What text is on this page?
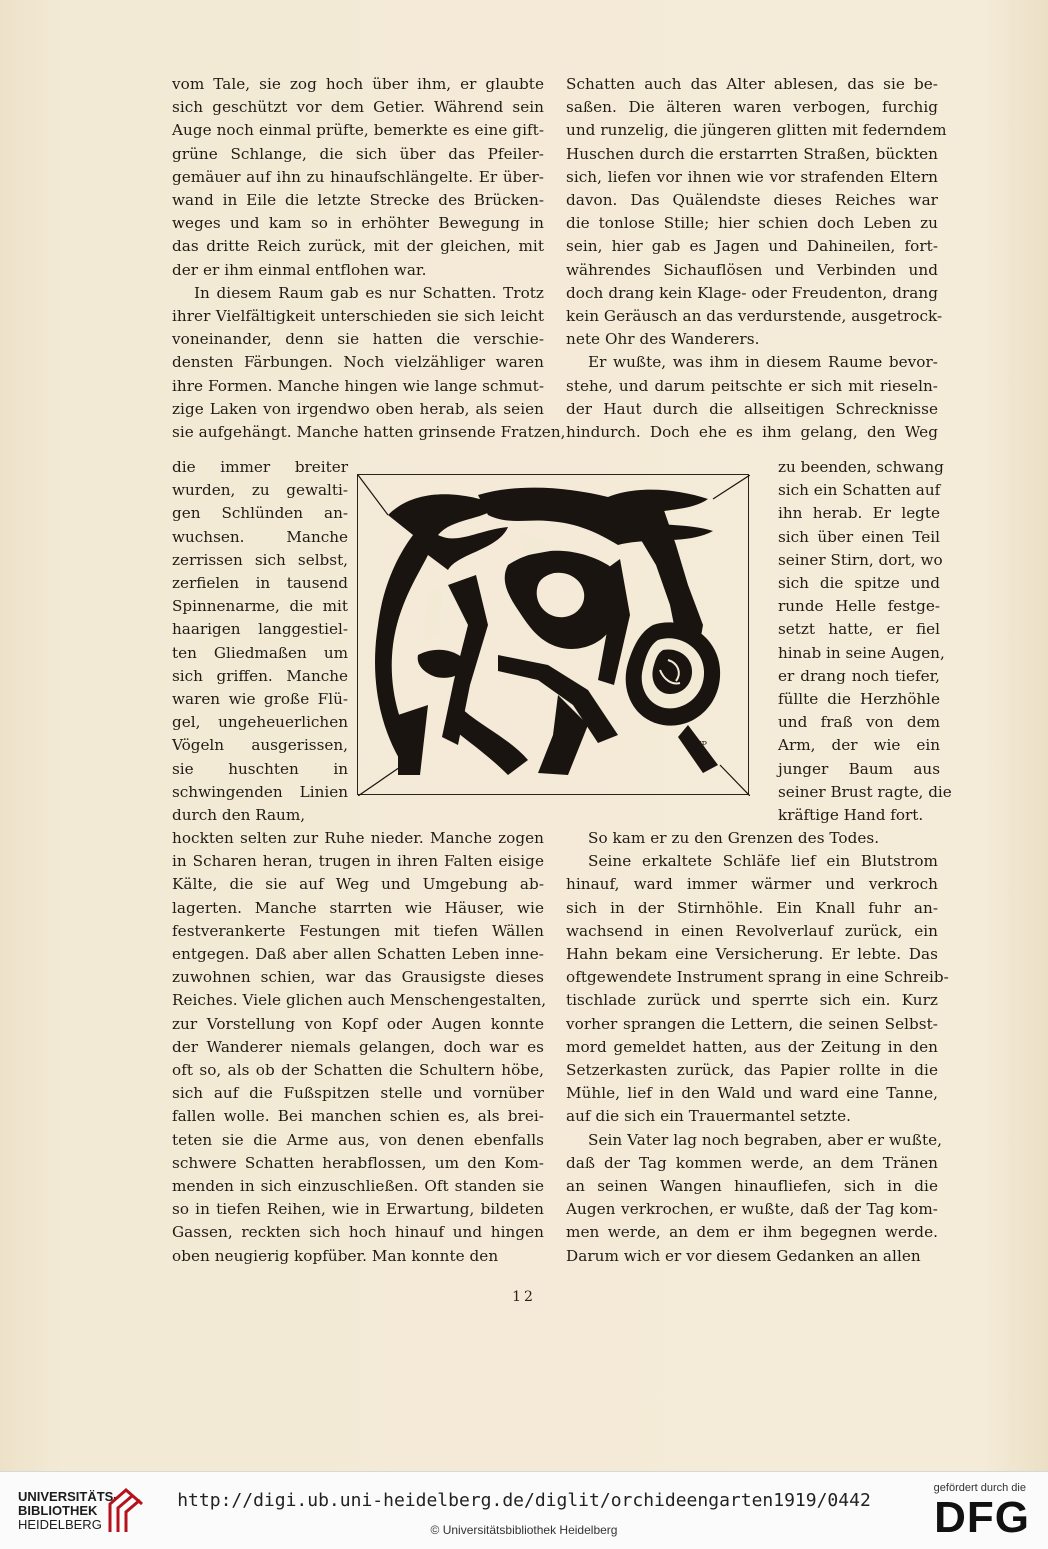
vom Tale, sie zog hoch über ihm, er glaubte
sich geschützt vor dem Getier. Während sein
Auge noch einmal prüfte, bemerkte es eine gift-
grüne Schlange, die sich über das Pfeiler-
gemäuer auf ihn zu hinaufschlängelte. Er über-
wand in Eile die letzte Strecke des Brücken-
weges und kam so in erhöhter Bewegung in
das dritte Reich zurück, mit der gleichen, mit
der er ihm einmal entflohen war.
In diesem Raum gab es nur Schatten. Trotz
ihrer Vielfältigkeit unterschieden sie sich leicht
voneinander, denn sie hatten die verschie-
densten Färbungen. Noch vielzähliger waren
ihre Formen. Manche hingen wie lange schmut-
zige Laken von irgendwo oben herab, als seien
sie aufgehängt. Manche hatten grinsende Fratzen,
die immer breiter
wurden, zu gewalti-
gen Schlünden an-
wuchsen. Manche
zerrissen sich selbst,
zerfielen in tausend
Spinnenarme, die mit
haarigen langgestiel-
ten Gliedmaßen um
sich griffen. Manche
waren wie große Flü-
gel, ungeheuerlichen
Vögeln ausgerissen,
sie huschten in
schwingenden Linien
durch den Raum,
FP
zu beenden, schwang
sich ein Schatten auf
ihn herab. Er legte
sich über einen Teil
seiner Stirn, dort, wo
sich die spitze und
runde Helle festge-
setzt hatte, er fiel
hinab in seine Augen,
er drang noch tiefer,
füllte die Herzhöhle
und fraß von dem
Arm, der wie ein
junger Baum aus
seiner Brust ragte, die
kräftige Hand fort.
Schatten auch das Alter ablesen, das sie be-
saßen. Die älteren waren verbogen, furchig
und runzelig, die jüngeren glitten mit federndem
Huschen durch die erstarrten Straßen, bückten
sich, liefen vor ihnen wie vor strafenden Eltern
davon. Das Quälendste dieses Reiches war
die tonlose Stille; hier schien doch Leben zu
sein, hier gab es Jagen und Dahineilen, fort-
währendes Sichauflösen und Verbinden und
doch drang kein Klage- oder Freudenton, drang
kein Geräusch an das verdurstende, ausgetrock-
nete Ohr des Wanderers.
Er wußte, was ihm in diesem Raume bevor-
stehe, und darum peitschte er sich mit rieseln-
der Haut durch die allseitigen Schrecknisse
hindurch. Doch ehe es ihm gelang, den Weg
hockten selten zur Ruhe nieder. Manche zogen
in Scharen heran, trugen in ihren Falten eisige
Kälte, die sie auf Weg und Umgebung ab-
lagerten. Manche starrten wie Häuser, wie
festverankerte Festungen mit tiefen Wällen
entgegen. Daß aber allen Schatten Leben inne-
zuwohnen schien, war das Grausigste dieses
Reiches. Viele glichen auch Menschengestalten,
zur Vorstellung von Kopf oder Augen konnte
der Wanderer niemals gelangen, doch war es
oft so, als ob der Schatten die Schultern höbe,
sich auf die Fußspitzen stelle und vornüber
fallen wolle. Bei manchen schien es, als brei-
teten sie die Arme aus, von denen ebenfalls
schwere Schatten herabflossen, um den Kom-
menden in sich einzuschließen. Oft standen sie
so in tiefen Reihen, wie in Erwartung, bildeten
Gassen, reckten sich hoch hinauf und hingen
oben neugierig kopfüber. Man konnte den
So kam er zu den Grenzen des Todes.
Seine erkaltete Schläfe lief ein Blutstrom
hinauf, ward immer wärmer und verkroch
sich in der Stirnhöhle. Ein Knall fuhr an-
wachsend in einen Revolverlauf zurück, ein
Hahn bekam eine Versicherung. Er lebte. Das
oftgewendete Instrument sprang in eine Schreib-
tischlade zurück und sperrte sich ein. Kurz
vorher sprangen die Lettern, die seinen Selbst-
mord gemeldet hatten, aus der Zeitung in den
Setzerkasten zurück, das Papier rollte in die
Mühle, lief in den Wald und ward eine Tanne,
auf die sich ein Trauermantel setzte.
Sein Vater lag noch begraben, aber er wußte,
daß der Tag kommen werde, an dem Tränen
an seinen Wangen hinaufliefen, sich in die
Augen verkrochen, er wußte, daß der Tag kom-
men werde, an dem er ihm begegnen werde.
Darum wich er vor diesem Gedanken an allen
12
UNIVERSITÄTS-
BIBLIOTHEK
HEIDELBERG
http://digi.ub.uni-heidelberg.de/diglit/orchideengarten1919/0442
© Universitätsbibliothek Heidelberg
gefördert durch die
DFG
